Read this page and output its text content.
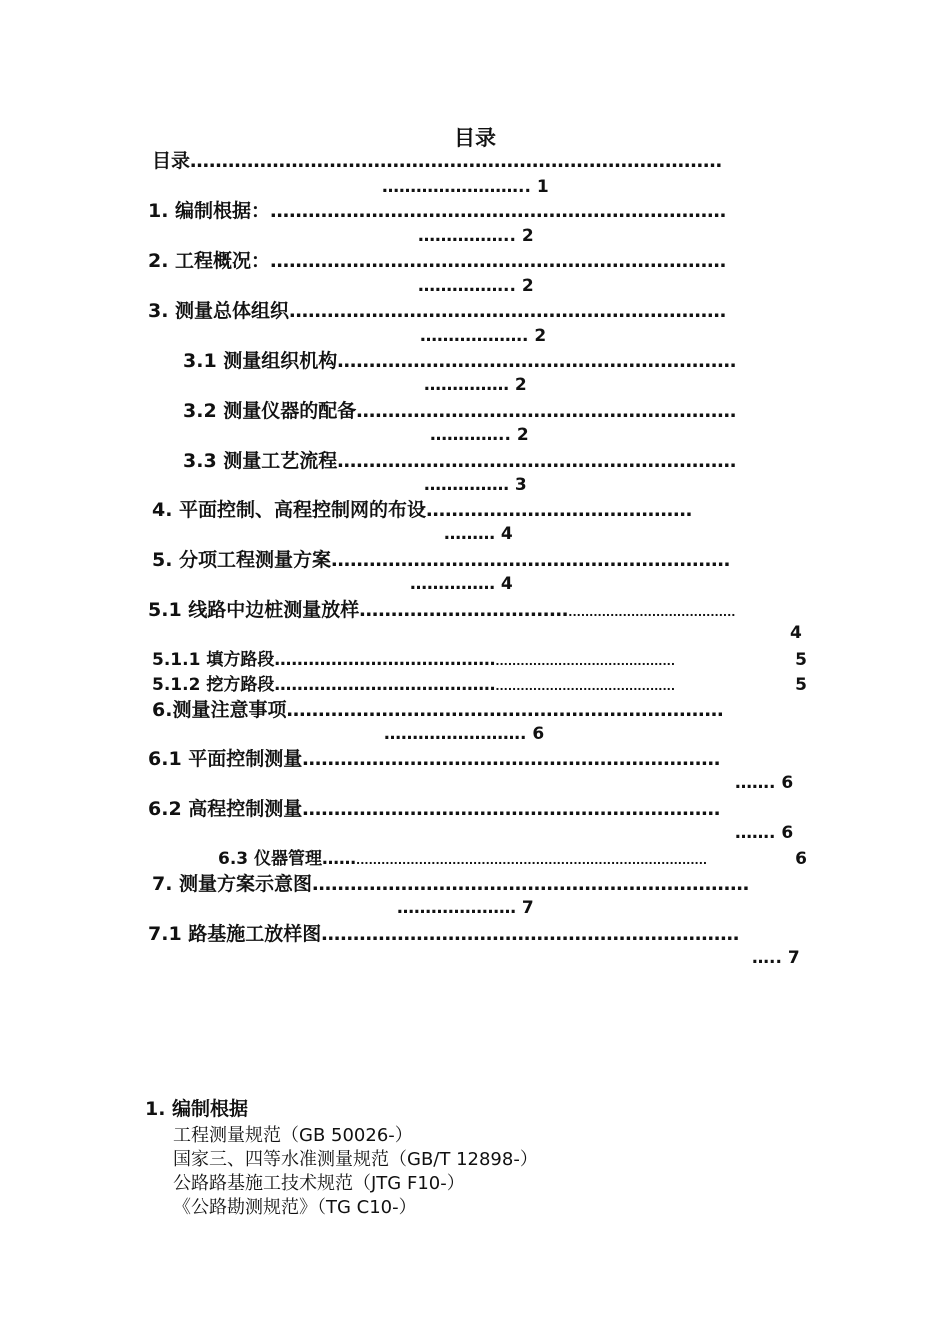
目录
目录…………………………………………………………………………
…………………….. 1
1. 编制根据：………………………………………………………………
…………….. 2
2. 工程概况：………………………………………………………………
…………….. 2
3. 测量总体组织……………………………………………………………
………………. 2
3.1 测量组织机构………………………………………………………
…………… 2
3.2 测量仪器的配备……………………………………………………
………….. 2
3.3 测量工艺流程………………………………………………………
…………… 3
4. 平面控制、高程控制网的布设……………………………………
……… 4
5. 分项工程测量方案………………………………………………………
…………… 4
5.1 线路中边桩测量放样……………………………........................................
4
5.1.1 填方路段…………………………………...........................................	5
5.1.2 挖方路段…………………………………...........................................	5
6.测量注意事项……………………………………………………………
……………………. 6
6.1 平面控制测量…………………………………………………………
……. 6
6.2 高程控制测量…………………………………………………………
……. 6
6.3 仪器管理……....................................................................................	6
7. 测量方案示意图……………………………………………………………
………………… 7
7.1 路基施工放样图…………………………………………………………
….. 7
1. 编制根据
工程测量规范（GB 50026-）
国家三、四等水准测量规范（GB/T 12898-）
公路路基施工技术规范（JTG F10-）
《公路勘测规范》（TG C10-）
